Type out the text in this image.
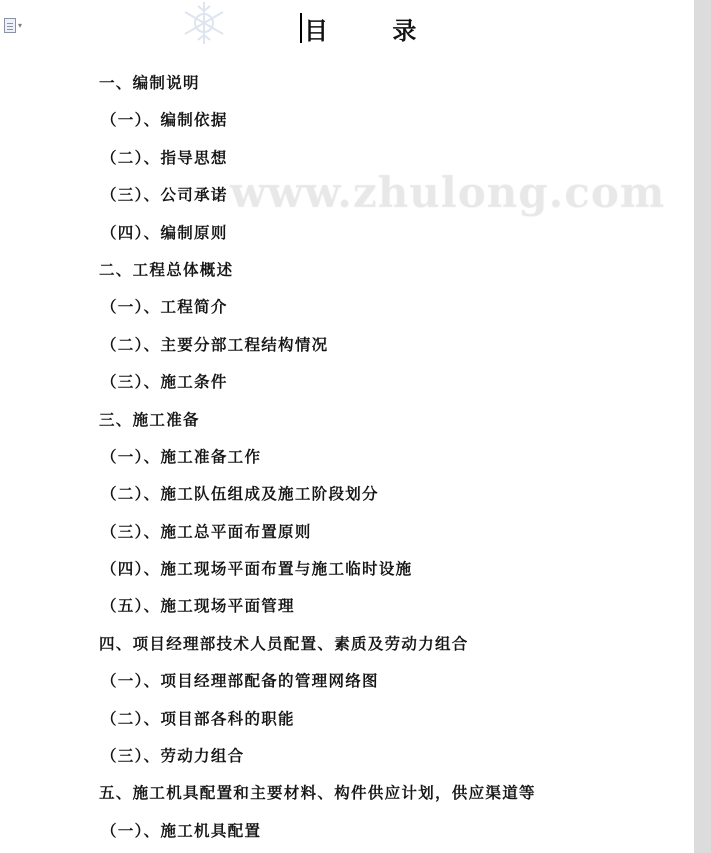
▾	目 录
www.zhulong.com
一、编制说明
（一）、编制依据
（二）、指导思想
（三）、公司承诺
（四）、编制原则
二、工程总体概述
（一）、工程简介
（二）、主要分部工程结构情况
（三）、施工条件
三、施工准备
（一）、施工准备工作
（二）、施工队伍组成及施工阶段划分
（三）、施工总平面布置原则
（四）、施工现场平面布置与施工临时设施
（五）、施工现场平面管理
四、项目经理部技术人员配置、素质及劳动力组合
（一）、项目经理部配备的管理网络图
（二）、项目部各科的职能
（三）、劳动力组合
五、施工机具配置和主要材料、构件供应计划，供应渠道等
（一）、施工机具配置
